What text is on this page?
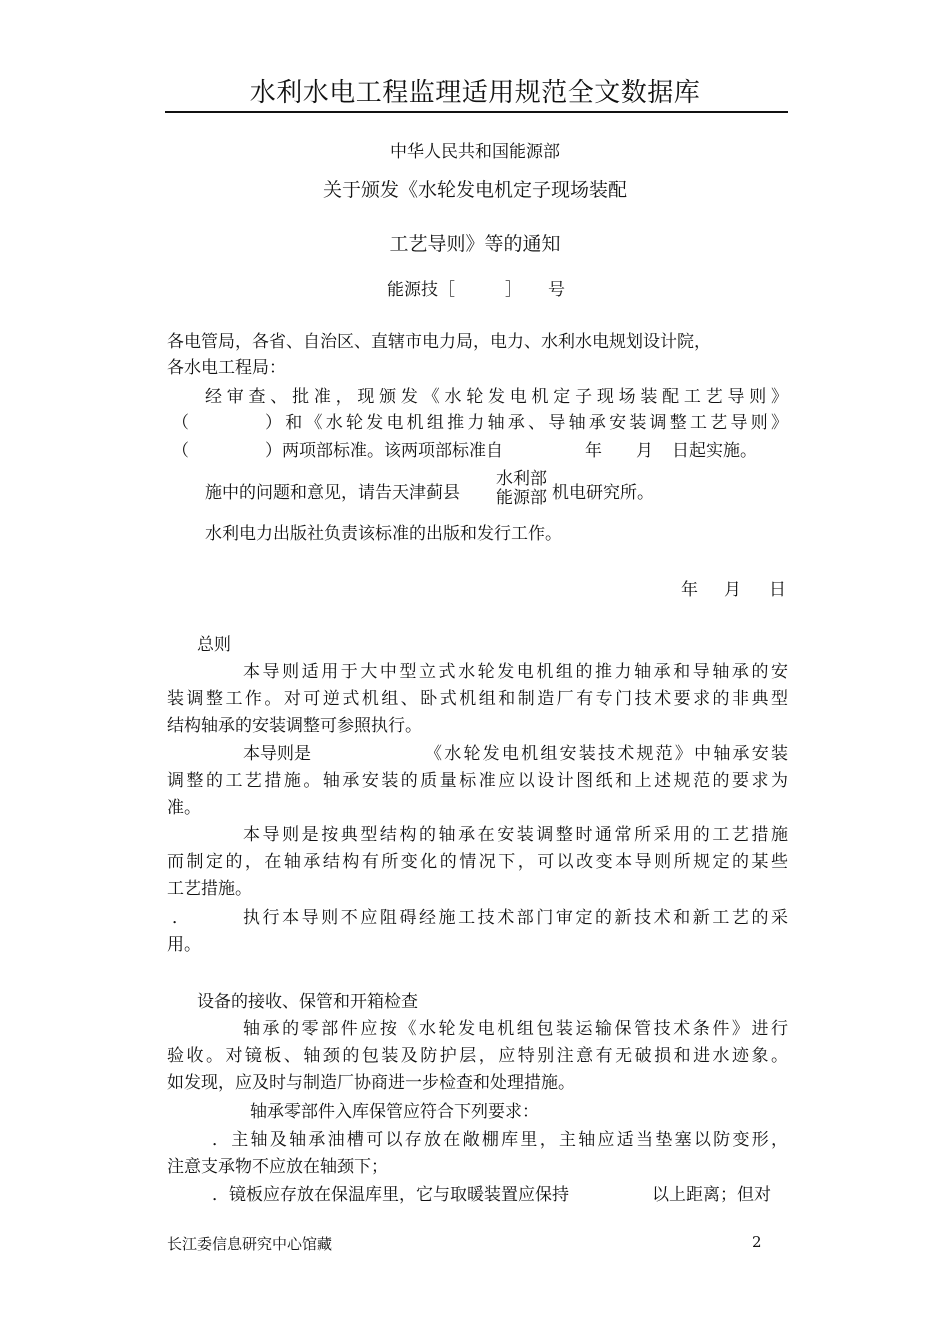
水利水电工程监理适用规范全文数据库
中华人民共和国能源部
关于颁发《水轮发电机定子现场装配
工艺导则》等的通知
能源技［	］ 号
各电管局，各省、自治区、直辖市电力局，电力、水利水电规划设计院，
各水电工程局：
经审查、批准，现颁发《水轮发电机定子现场装配工艺导则》
（	）和《水轮发电机组推力轴承、导轴承安装调整工艺导则》
（	）两项部标准。该两项部标准自	年 月 日起实施。
施中的问题和意见，请告天津蓟县
水利部
能源部 机电研究所。
水利电力出版社负责该标准的出版和发行工作。
年 月 日
总则
本导则适用于大中型立式水轮发电机组的推力轴承和导轴承的安
装调整工作。对可逆式机组、卧式机组和制造厂有专门技术要求的非典型
结构轴承的安装调整可参照执行。
本导则是	《水轮发电机组安装技术规范》中轴承安装
调整的工艺措施。轴承安装的质量标准应以设计图纸和上述规范的要求为
准。
本导则是按典型结构的轴承在安装调整时通常所采用的工艺措施
而制定的，在轴承结构有所变化的情况下，可以改变本导则所规定的某些
工艺措施。
．	执行本导则不应阻碍经施工技术部门审定的新技术和新工艺的采
用。
设备的接收、保管和开箱检查
轴承的零部件应按《水轮发电机组包装运输保管技术条件》进行
验收。对镜板、轴颈的包装及防护层，应特别注意有无破损和进水迹象。
如发现，应及时与制造厂协商进一步检查和处理措施。
轴承零部件入库保管应符合下列要求：
．主轴及轴承油槽可以存放在敞棚库里，主轴应适当垫塞以防变形，
注意支承物不应放在轴颈下；
．镜板应存放在保温库里，它与取暖装置应保持	以上距离；但对
长江委信息研究中心馆藏	2
